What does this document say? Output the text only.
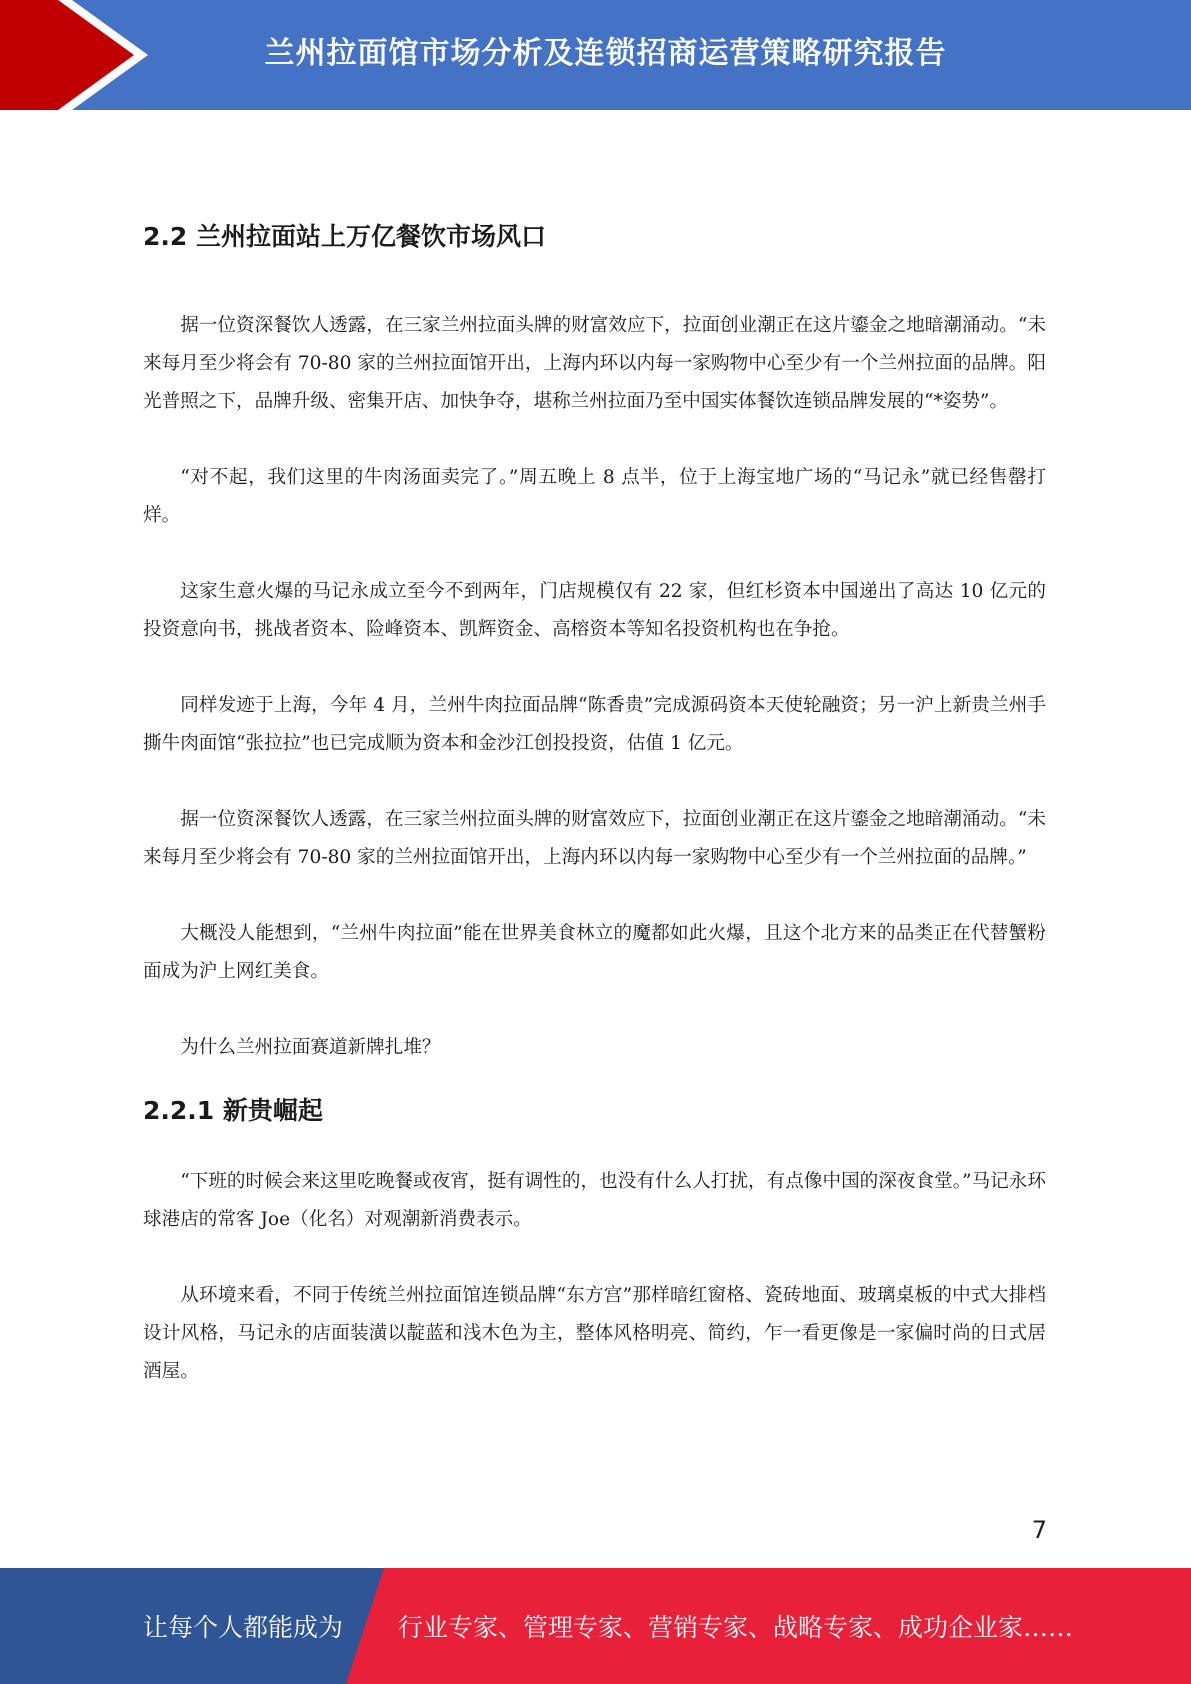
兰州拉面馆市场分析及连锁招商运营策略研究报告
2.2 兰州拉面站上万亿餐饮市场风口

据一位资深餐饮人透露，在三家兰州拉面头牌的财富效应下，拉面创业潮正在这片鎏金之地暗潮涌动。“未来每月至少将会有 70-80 家的兰州拉面馆开出，上海内环以内每一家购物中心至少有一个兰州拉面的品牌。阳光普照之下，品牌升级、密集开店、加快争夺，堪称兰州拉面乃至中国实体餐饮连锁品牌发展的“*姿势”。

“对不起，我们这里的牛肉汤面卖完了。”周五晚上 8 点半，位于上海宝地广场的“马记永”就已经售罄打烊。

这家生意火爆的马记永成立至今不到两年，门店规模仅有 22 家，但红杉资本中国递出了高达 10 亿元的投资意向书，挑战者资本、险峰资本、凯辉资金、高榕资本等知名投资机构也在争抢。

同样发迹于上海，今年 4 月，兰州牛肉拉面品牌“陈香贵”完成源码资本天使轮融资；另一沪上新贵兰州手撕牛肉面馆“张拉拉”也已完成顺为资本和金沙江创投投资，估值 1 亿元。

据一位资深餐饮人透露，在三家兰州拉面头牌的财富效应下，拉面创业潮正在这片鎏金之地暗潮涌动。“未来每月至少将会有 70-80 家的兰州拉面馆开出，上海内环以内每一家购物中心至少有一个兰州拉面的品牌。”

大概没人能想到，“兰州牛肉拉面”能在世界美食林立的魔都如此火爆，且这个北方来的品类正在代替蟹粉面成为沪上网红美食。

为什么兰州拉面赛道新牌扎堆？

2.2.1 新贵崛起

“下班的时候会来这里吃晚餐或夜宵，挺有调性的，也没有什么人打扰，有点像中国的深夜食堂。”马记永环球港店的常客 Joe（化名）对观潮新消费表示。

从环境来看，不同于传统兰州拉面馆连锁品牌“东方宫”那样暗红窗格、瓷砖地面、玻璃桌板的中式大排档设计风格，马记永的店面装潢以靛蓝和浅木色为主，整体风格明亮、简约，乍一看更像是一家偏时尚的日式居酒屋。

7
让每个人都能成为 行业专家、管理专家、营销专家、战略专家、成功企业家……
